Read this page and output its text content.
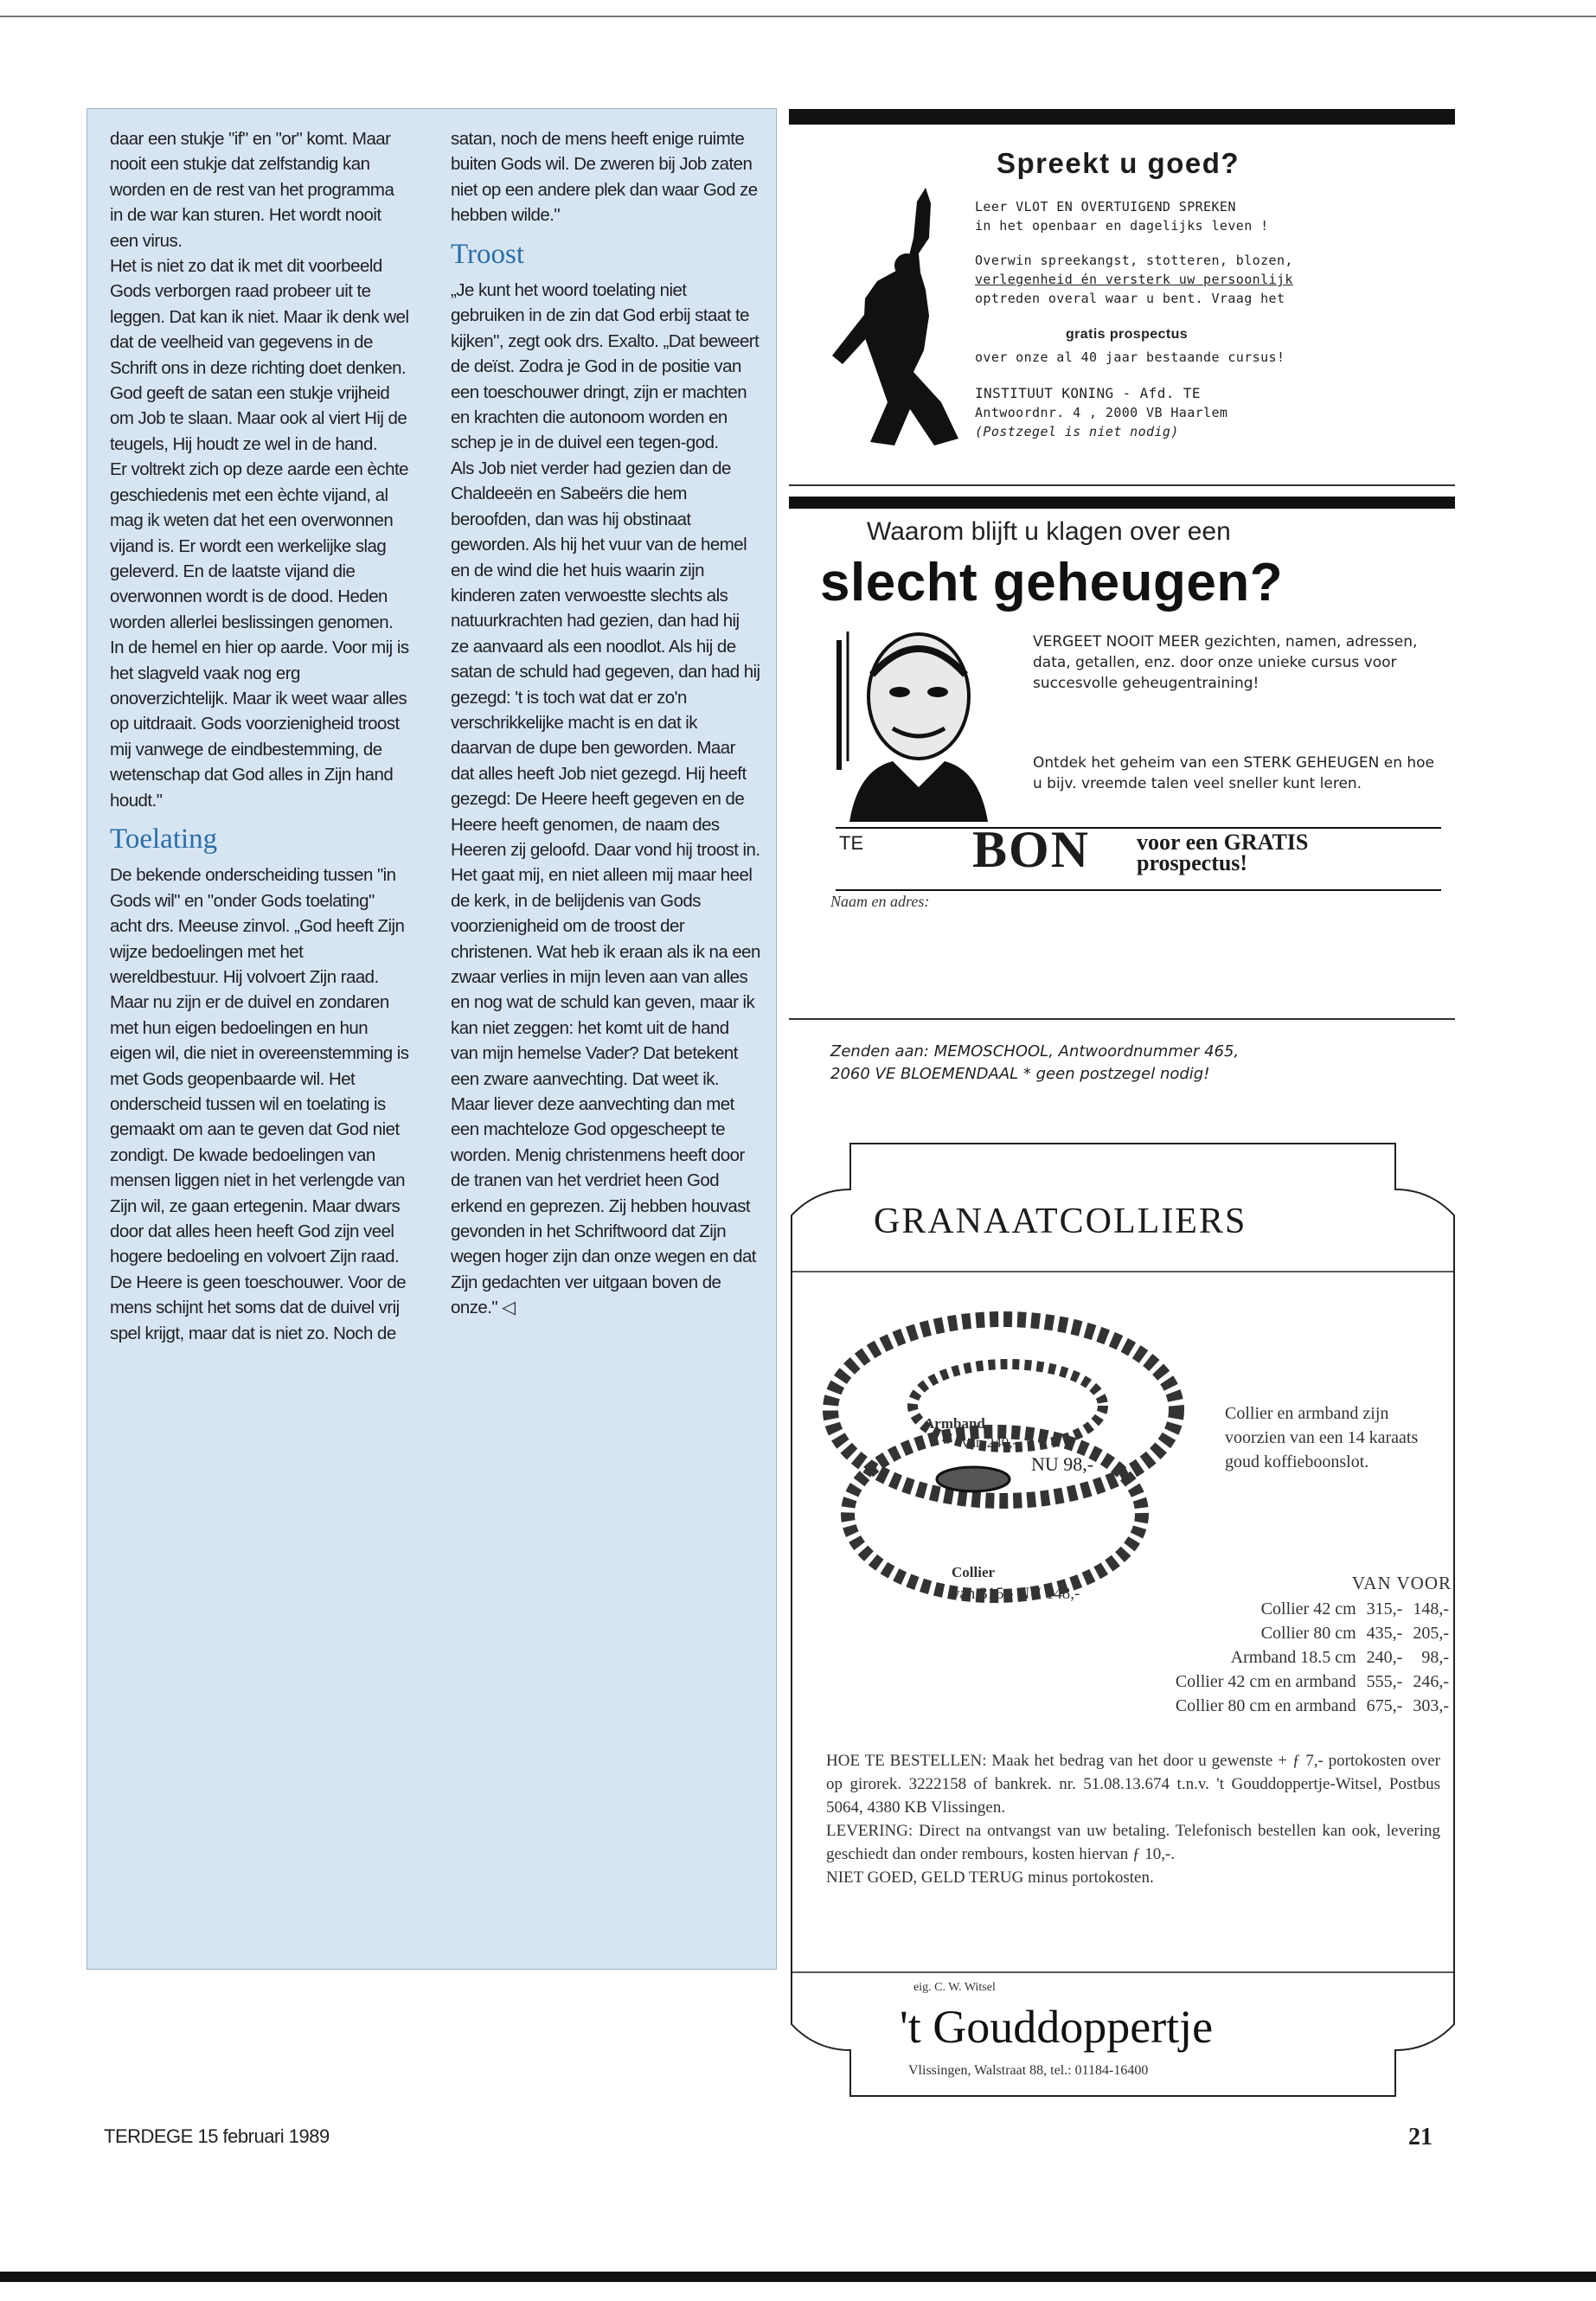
daar een stukje "if" en "or" komt. Maar nooit een stukje dat zelfstandig kan worden en de rest van het programma in de war kan sturen. Het wordt nooit een virus.

Het is niet zo dat ik met dit voorbeeld Gods verborgen raad probeer uit te leggen. Dat kan ik niet. Maar ik denk wel dat de veelheid van gegevens in de Schrift ons in deze richting doet denken. God geeft de satan een stukje vrijheid om Job te slaan. Maar ook al viert Hij de teugels, Hij houdt ze wel in de hand.

Er voltrekt zich op deze aarde een èchte geschiedenis met een èchte vijand, al mag ik weten dat het een overwonnen vijand is. Er wordt een werkelijke slag geleverd. En de laatste vijand die overwonnen wordt is de dood. Heden worden allerlei beslissingen genomen. In de hemel en hier op aarde. Voor mij is het slagveld vaak nog erg onoverzichtelijk. Maar ik weet waar alles op uitdraait. Gods voorzienigheid troost mij vanwege de eindbestemming, de wetenschap dat God alles in Zijn hand houdt."

Toelating

De bekende onderscheiding tussen "in Gods wil" en "onder Gods toelating" acht drs. Meeuse zinvol. „God heeft Zijn wijze bedoelingen met het wereldbestuur. Hij volvoert Zijn raad. Maar nu zijn er de duivel en zondaren met hun eigen bedoelingen en hun eigen wil, die niet in overeenstemming is met Gods geopenbaarde wil. Het onderscheid tussen wil en toelating is gemaakt om aan te geven dat God niet zondigt. De kwade bedoelingen van mensen liggen niet in het verlengde van Zijn wil, ze gaan ertegenin. Maar dwars door dat alles heen heeft God zijn veel hogere bedoeling en volvoert Zijn raad. De Heere is geen toeschouwer. Voor de mens schijnt het soms dat de duivel vrij spel krijgt, maar dat is niet zo. Noch de

satan, noch de mens heeft enige ruimte buiten Gods wil. De zweren bij Job zaten niet op een andere plek dan waar God ze hebben wilde."

Troost

„Je kunt het woord toelating niet gebruiken in de zin dat God erbij staat te kijken", zegt ook drs. Exalto. „Dat beweert de deïst. Zodra je God in de positie van een toeschouwer dringt, zijn er machten en krachten die autonoom worden en schep je in de duivel een tegen-god.

Als Job niet verder had gezien dan de Chaldeeën en Sabeërs die hem beroofden, dan was hij obstinaat geworden. Als hij het vuur van de hemel en de wind die het huis waarin zijn kinderen zaten verwoestte slechts als natuurkrachten had gezien, dan had hij ze aanvaard als een noodlot. Als hij de satan de schuld had gegeven, dan had hij gezegd: 't is toch wat dat er zo'n verschrikkelijke macht is en dat ik daarvan de dupe ben geworden. Maar dat alles heeft Job niet gezegd. Hij heeft gezegd: De Heere heeft gegeven en de Heere heeft genomen, de naam des Heeren zij geloofd. Daar vond hij troost in.

Het gaat mij, en niet alleen mij maar heel de kerk, in de belijdenis van Gods voorzienigheid om de troost der christenen. Wat heb ik eraan als ik na een zwaar verlies in mijn leven aan van alles en nog wat de schuld kan geven, maar ik kan niet zeggen: het komt uit de hand van mijn hemelse Vader? Dat betekent een zware aanvechting. Dat weet ik. Maar liever deze aanvechting dan met een machteloze God opgescheept te worden. Menig christenmens heeft door de tranen van het verdriet heen God erkend en geprezen. Zij hebben houvast gevonden in het Schriftwoord dat Zijn wegen hoger zijn dan onze wegen en dat Zijn gedachten ver uitgaan boven de onze." ◁

TERDEGE 15 februari 1989	21
Spreekt u goed?
Leer VLOT EN OVERTUIGEND SPREKEN
in het openbaar en dagelijks leven !
Overwin spreekangst, stotteren, blozen,
verlegenheid én versterk uw persoonlijk
optreden overal waar u bent. Vraag het
gratis prospectus
over onze al 40 jaar bestaande cursus!
INSTITUUT KONING - Afd. TE
Antwoordnr. 4 , 2000 VB Haarlem
(Postzegel is niet nodig)
Waarom blijft u klagen over een
slecht geheugen?
VERGEET NOOIT MEER gezichten, namen, adressen, data, getallen, enz. door onze unieke cursus voor succesvolle geheugentraining!
Ontdek het geheim van een STERK GEHEUGEN en hoe u bijv. vreemde talen veel sneller kunt leren.
TE BON voor een GRATIS
prospectus!
Naam en adres:
Zenden aan: MEMOSCHOOL, Antwoordnummer 465,
2060 VE BLOEMENDAAL * geen postzegel nodig!
GRANAATCOLLIERS
Armband
van 240,-
NU 98,-
Collier
van 315,- NU 148,-
Collier en armband zijn voorzien van een 14 karaats goud koffieboonslot.
VAN VOOR
Collier 42 cm	315,-	148,-
Collier 80 cm	435,-	205,-
Armband 18.5 cm	240,-	98,-
Collier 42 cm en armband	555,-	246,-
Collier 80 cm en armband	675,-	303,-
HOE TE BESTELLEN: Maak het bedrag van het door u gewenste + ƒ 7,- portokosten over op girorek. 3222158 of bankrek. nr. 51.08.13.674 t.n.v. 't Gouddoppertje-Witsel, Postbus 5064, 4380 KB Vlissingen.
LEVERING: Direct na ontvangst van uw betaling. Telefonisch bestellen kan ook, levering geschiedt dan onder rembours, kosten hiervan ƒ 10,-.
NIET GOED, GELD TERUG minus portokosten.
eig. C. W. Witsel
't Gouddoppertje
Vlissingen, Walstraat 88, tel.: 01184-16400
